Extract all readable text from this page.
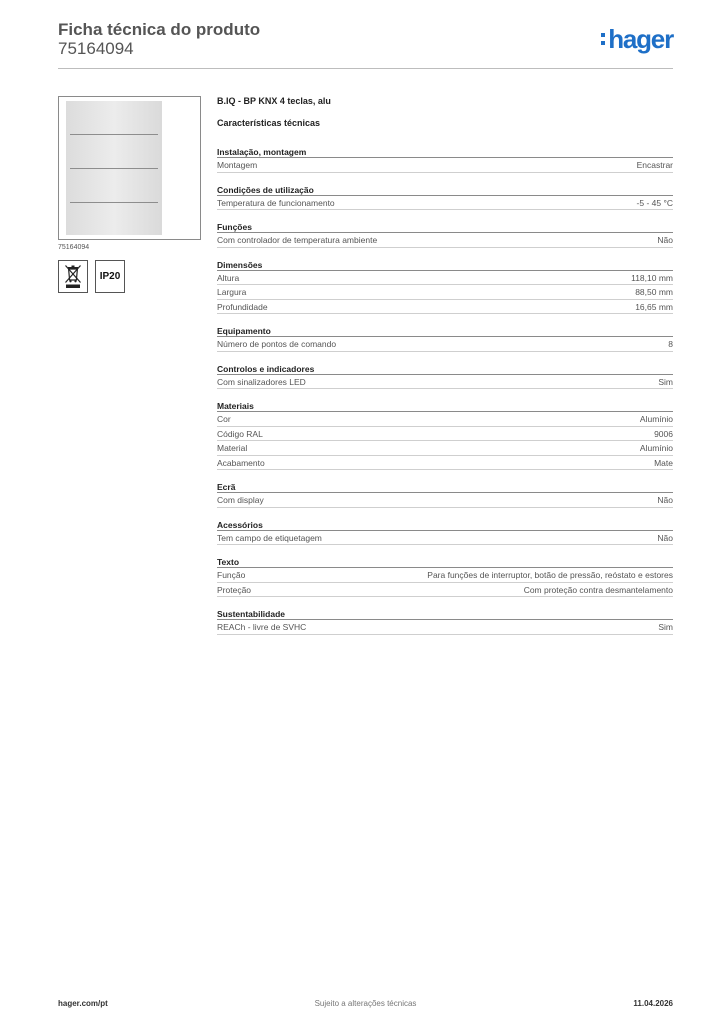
Ficha técnica do produto
75164094	hager
75164094
IP20
B.IQ - BP KNX 4 teclas, alu
Características técnicas
Instalação, montagem
Montagem	Encastrar
Condições de utilização
Temperatura de funcionamento	-5 - 45 °C
Funções
Com controlador de temperatura ambiente	Não
Dimensões
Altura	118,10 mm
Largura	88,50 mm
Profundidade	16,65 mm
Equipamento
Número de pontos de comando	8
Controlos e indicadores
Com sinalizadores LED	Sim
Materiais
Cor	Alumínio
Código RAL	9006
Material	Alumínio
Acabamento	Mate
Ecrã
Com display	Não
Acessórios
Tem campo de etiquetagem	Não
Texto
Função	Para funções de interruptor, botão de pressão, reóstato e estores
Proteção	Com proteção contra desmantelamento
Sustentabilidade
REACh - livre de SVHC	Sim
hager.com/pt	Sujeito a alterações técnicas	11.04.2026
